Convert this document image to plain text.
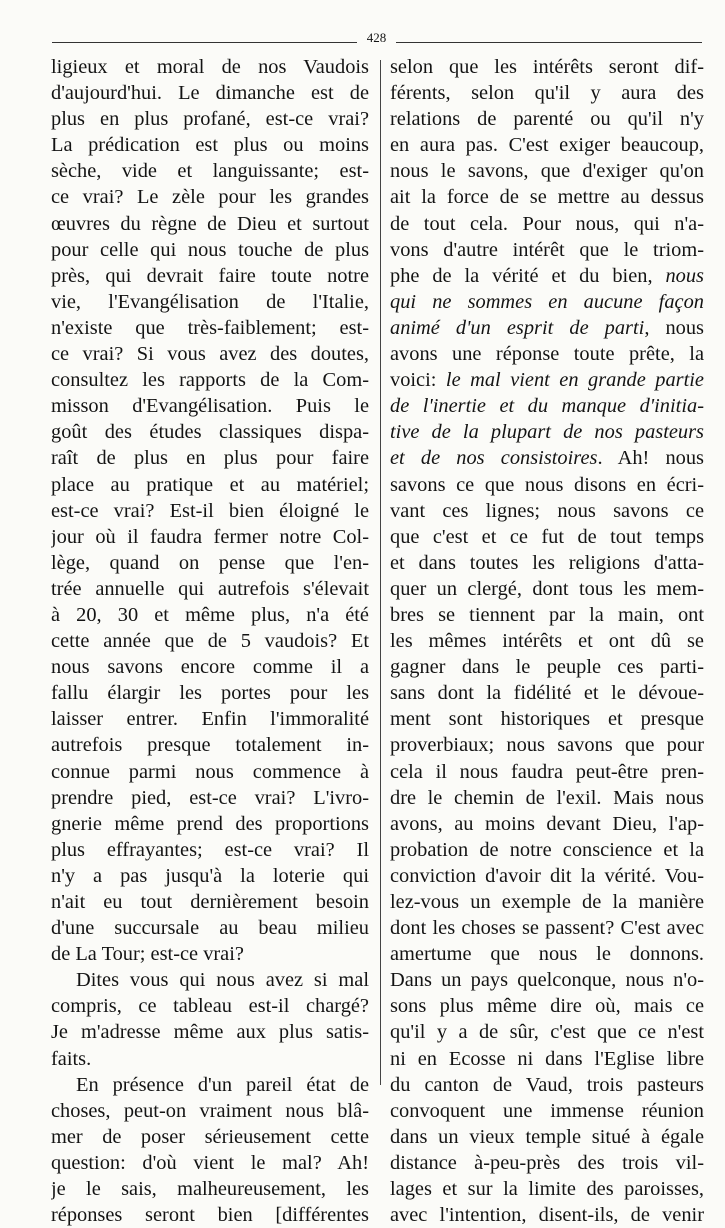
428
ligieux et moral de nos Vaudois
d'aujourd'hui. Le dimanche est de
plus en plus profané, est-ce vrai?
La prédication est plus ou moins
sèche, vide et languissante; est-
ce vrai? Le zèle pour les grandes
œuvres du règne de Dieu et surtout
pour celle qui nous touche de plus
près, qui devrait faire toute notre
vie, l'Evangélisation de l'Italie,
n'existe que très-faiblement; est-
ce vrai? Si vous avez des doutes,
consultez les rapports de la Com-
misson d'Evangélisation. Puis le
goût des études classiques dispa-
raît de plus en plus pour faire
place au pratique et au matériel;
est-ce vrai? Est-il bien éloigné le
jour où il faudra fermer notre Col-
lège, quand on pense que l'en-
trée annuelle qui autrefois s'élevait
à 20, 30 et même plus, n'a été
cette année que de 5 vaudois? Et
nous savons encore comme il a
fallu élargir les portes pour les
laisser entrer. Enfin l'immoralité
autrefois presque totalement in-
connue parmi nous commence à
prendre pied, est-ce vrai? L'ivro-
gnerie même prend des proportions
plus effrayantes; est-ce vrai? Il
n'y a pas jusqu'à la loterie qui
n'ait eu tout dernièrement besoin
d'une succursale au beau milieu
de La Tour; est-ce vrai?
Dites vous qui nous avez si mal
compris, ce tableau est-il chargé?
Je m'adresse même aux plus satis-
faits.
En présence d'un pareil état de
choses, peut-on vraiment nous blâ-
mer de poser sérieusement cette
question: d'où vient le mal? Ah!
je le sais, malheureusement, les
réponses seront bien [différentes
selon que les intérêts seront dif-
férents, selon qu'il y aura des
relations de parenté ou qu'il n'y
en aura pas. C'est exiger beaucoup,
nous le savons, que d'exiger qu'on
ait la force de se mettre au dessus
de tout cela. Pour nous, qui n'a-
vons d'autre intérêt que le triom-
phe de la vérité et du bien, nous
qui ne sommes en aucune façon
animé d'un esprit de parti, nous
avons une réponse toute prête, la
voici: le mal vient en grande partie
de l'inertie et du manque d'initia-
tive de la plupart de nos pasteurs
et de nos consistoires. Ah! nous
savons ce que nous disons en écri-
vant ces lignes; nous savons ce
que c'est et ce fut de tout temps
et dans toutes les religions d'atta-
quer un clergé, dont tous les mem-
bres se tiennent par la main, ont
les mêmes intérêts et ont dû se
gagner dans le peuple ces parti-
sans dont la fidélité et le dévoue-
ment sont historiques et presque
proverbiaux; nous savons que pour
cela il nous faudra peut-être pren-
dre le chemin de l'exil. Mais nous
avons, au moins devant Dieu, l'ap-
probation de notre conscience et la
conviction d'avoir dit la vérité. Vou-
lez-vous un exemple de la manière
dont les choses se passent? C'est avec
amertume que nous le donnons.
Dans un pays quelconque, nous n'o-
sons plus même dire où, mais ce
qu'il y a de sûr, c'est que ce n'est
ni en Ecosse ni dans l'Eglise libre
du canton de Vaud, trois pasteurs
convoquent une immense réunion
dans un vieux temple situé à égale
distance à-peu-près des trois vil-
lages et sur la limite des paroisses,
avec l'intention, disent-ils, de venir
